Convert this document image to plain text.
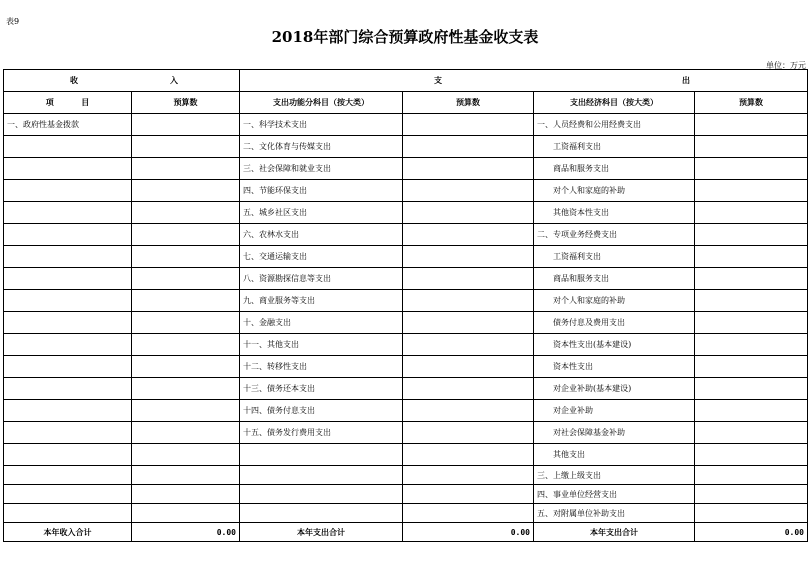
表9
2018年部门综合预算政府性基金收支表
单位：万元
收 入		支 出			

项 目	预算数	支出功能分科目（按大类）	预算数	支出经济科目（按大类）	预算数
一、政府性基金拨款		一、科学技术支出		一、人员经费和公用经费支出	
		二、文化体育与传媒支出		工资福利支出	
		三、社会保障和就业支出		商品和服务支出	
		四、节能环保支出		对个人和家庭的补助	
		五、城乡社区支出		其他资本性支出	
		六、农林水支出		二、专项业务经费支出	
		七、交通运输支出		工资福利支出	
		八、资源勘探信息等支出		商品和服务支出	
		九、商业服务等支出		对个人和家庭的补助	
		十、金融支出		债务付息及费用支出	
		十一、其他支出		资本性支出(基本建设)	
		十二、转移性支出		资本性支出	
		十三、债务还本支出		对企业补助(基本建设)	
		十四、债务付息支出		对企业补助	
		十五、债务发行费用支出		对社会保障基金补助	
				其他支出	
				三、上缴上级支出	
				四、事业单位经营支出	
				五、对附属单位补助支出	
本年收入合计	0.00	本年支出合计	0.00	本年支出合计	0.00
